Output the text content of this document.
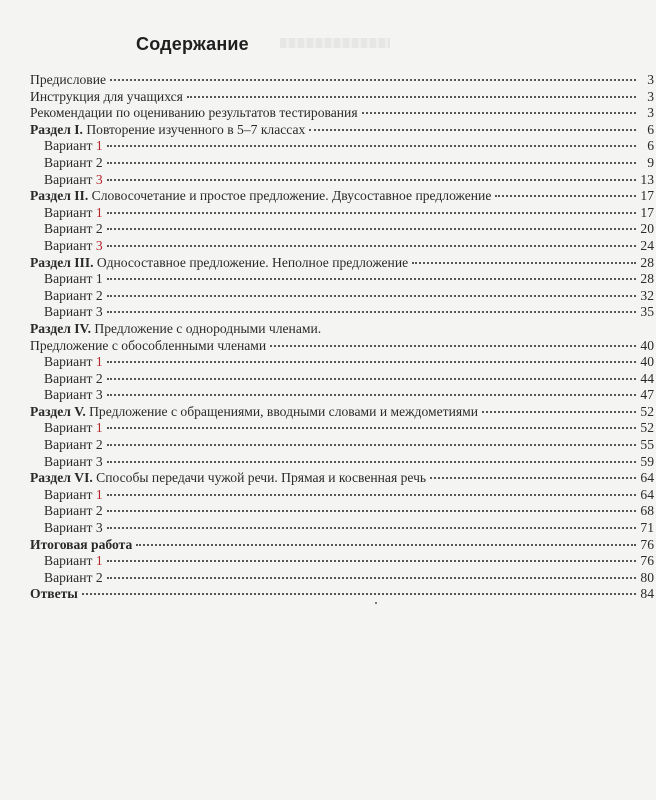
Содержание
Предисловие	3
Инструкция для учащихся	3
Рекомендации по оцениванию результатов тестирования	3
Раздел I. Повторение изученного в 5–7 классах	6
Вариант 1	6
Вариант 2	9
Вариант 3	13
Раздел II. Словосочетание и простое предложение. Двусоставное предложение	17
Вариант 1	17
Вариант 2	20
Вариант 3	24
Раздел III. Односоставное предложение. Неполное предложение	28
Вариант 1	28
Вариант 2	32
Вариант 3	35
Раздел IV. Предложение с однородными членами.
Предложение с обособленными членами	40
Вариант 1	40
Вариант 2	44
Вариант 3	47
Раздел V. Предложение с обращениями, вводными словами и междометиями	52
Вариант 1	52
Вариант 2	55
Вариант 3	59
Раздел VI. Способы передачи чужой речи. Прямая и косвенная речь	64
Вариант 1	64
Вариант 2	68
Вариант 3	71
Итоговая работа	76
Вариант 1	76
Вариант 2	80
Ответы	84
